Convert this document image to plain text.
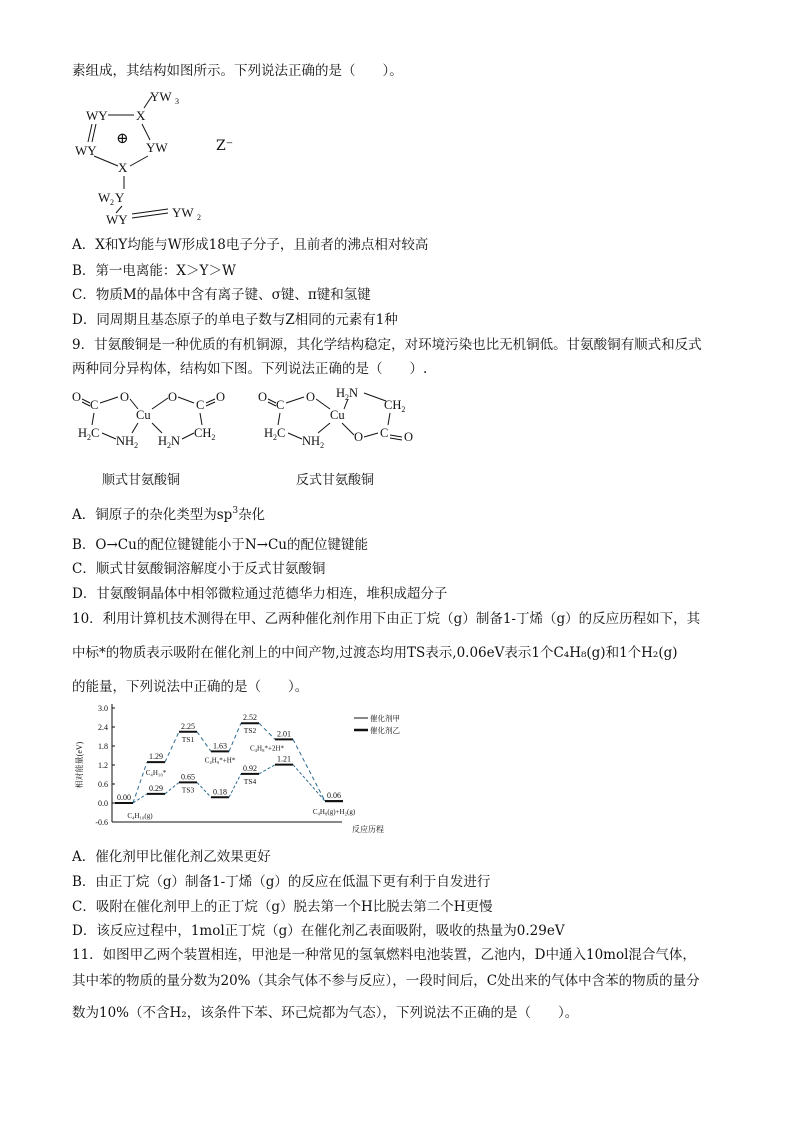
素组成，其结构如图所示。下列说法正确的是（　　）。
YW 3
WY X
⊕
WY	YW
X
W 2 Y
WY	YW 2
Z⁻
A．X和Y均能与W形成18电子分子，且前者的沸点相对较高
B．第一电离能：X＞Y＞W
C．物质M的晶体中含有离子键、σ键、π键和氢键
D．同周期且基态原子的单电子数与Z相同的元素有1种
9．甘氨酸铜是一种优质的有机铜源，其化学结构稳定，对环境污染也比无机铜低。甘氨酸铜有顺式和反式
两种同分异构体，结构如下图。下列说法正确的是（　　）.
O
C
O
Cu
O
C
O
$H_2C$
$NH_2$ $H_2N$
$CH_2$
O
C
O $H_2N$
Cu
$CH_2$
$H_2C$
$NH_2$
O C O
顺式甘氨酸铜	反式甘氨酸铜
A．铜原子的杂化类型为$sp^3$杂化
B．O→Cu的配位键键能小于N→Cu的配位键键能
C．顺式甘氨酸铜溶解度小于反式甘氨酸铜
D．甘氨酸铜晶体中相邻微粒通过范德华力相连，堆积成超分子
10．利用计算机技术测得在甲、乙两种催化剂作用下由正丁烷（g）制备1-丁烯（g）的反应历程如下，其
中标*的物质表示吸附在催化剂上的中间产物,过渡态均用TS表示,0.06eV表示1个C₄H₈(g)和1个H₂(g)
的能量，下列说法中正确的是（　　）。
3.0
2.4
1.8
1.2
0.6
0.0
-0.6
相对能量(eV)
反应历程
0.00
1.29
2.25
1.63
2.52
2.01
0.29
0.65
0.18
0.92
1.21
0.06
TS1
TS2
TS3
TS4
C₄H₁₀*
C₄H₉*+H*
C₄H₈*+2H*
C₄H₁₀(g)	C₄H₈(g)+H₂(g)
催化剂甲
催化剂乙
A．催化剂甲比催化剂乙效果更好
B．由正丁烷（g）制备1-丁烯（g）的反应在低温下更有利于自发进行
C．吸附在催化剂甲上的正丁烷（g）脱去第一个H比脱去第二个H更慢
D．该反应过程中，1mol正丁烷（g）在催化剂乙表面吸附，吸收的热量为0.29eV
11．如图甲乙两个装置相连，甲池是一种常见的氢氧燃料电池装置，乙池内，D中通入10mol混合气体，
其中苯的物质的量分数为20%（其余气体不参与反应），一段时间后，C处出来的气体中含苯的物质的量分
数为10%（不含H₂，该条件下苯、环己烷都为气态），下列说法不正确的是（　　）。
